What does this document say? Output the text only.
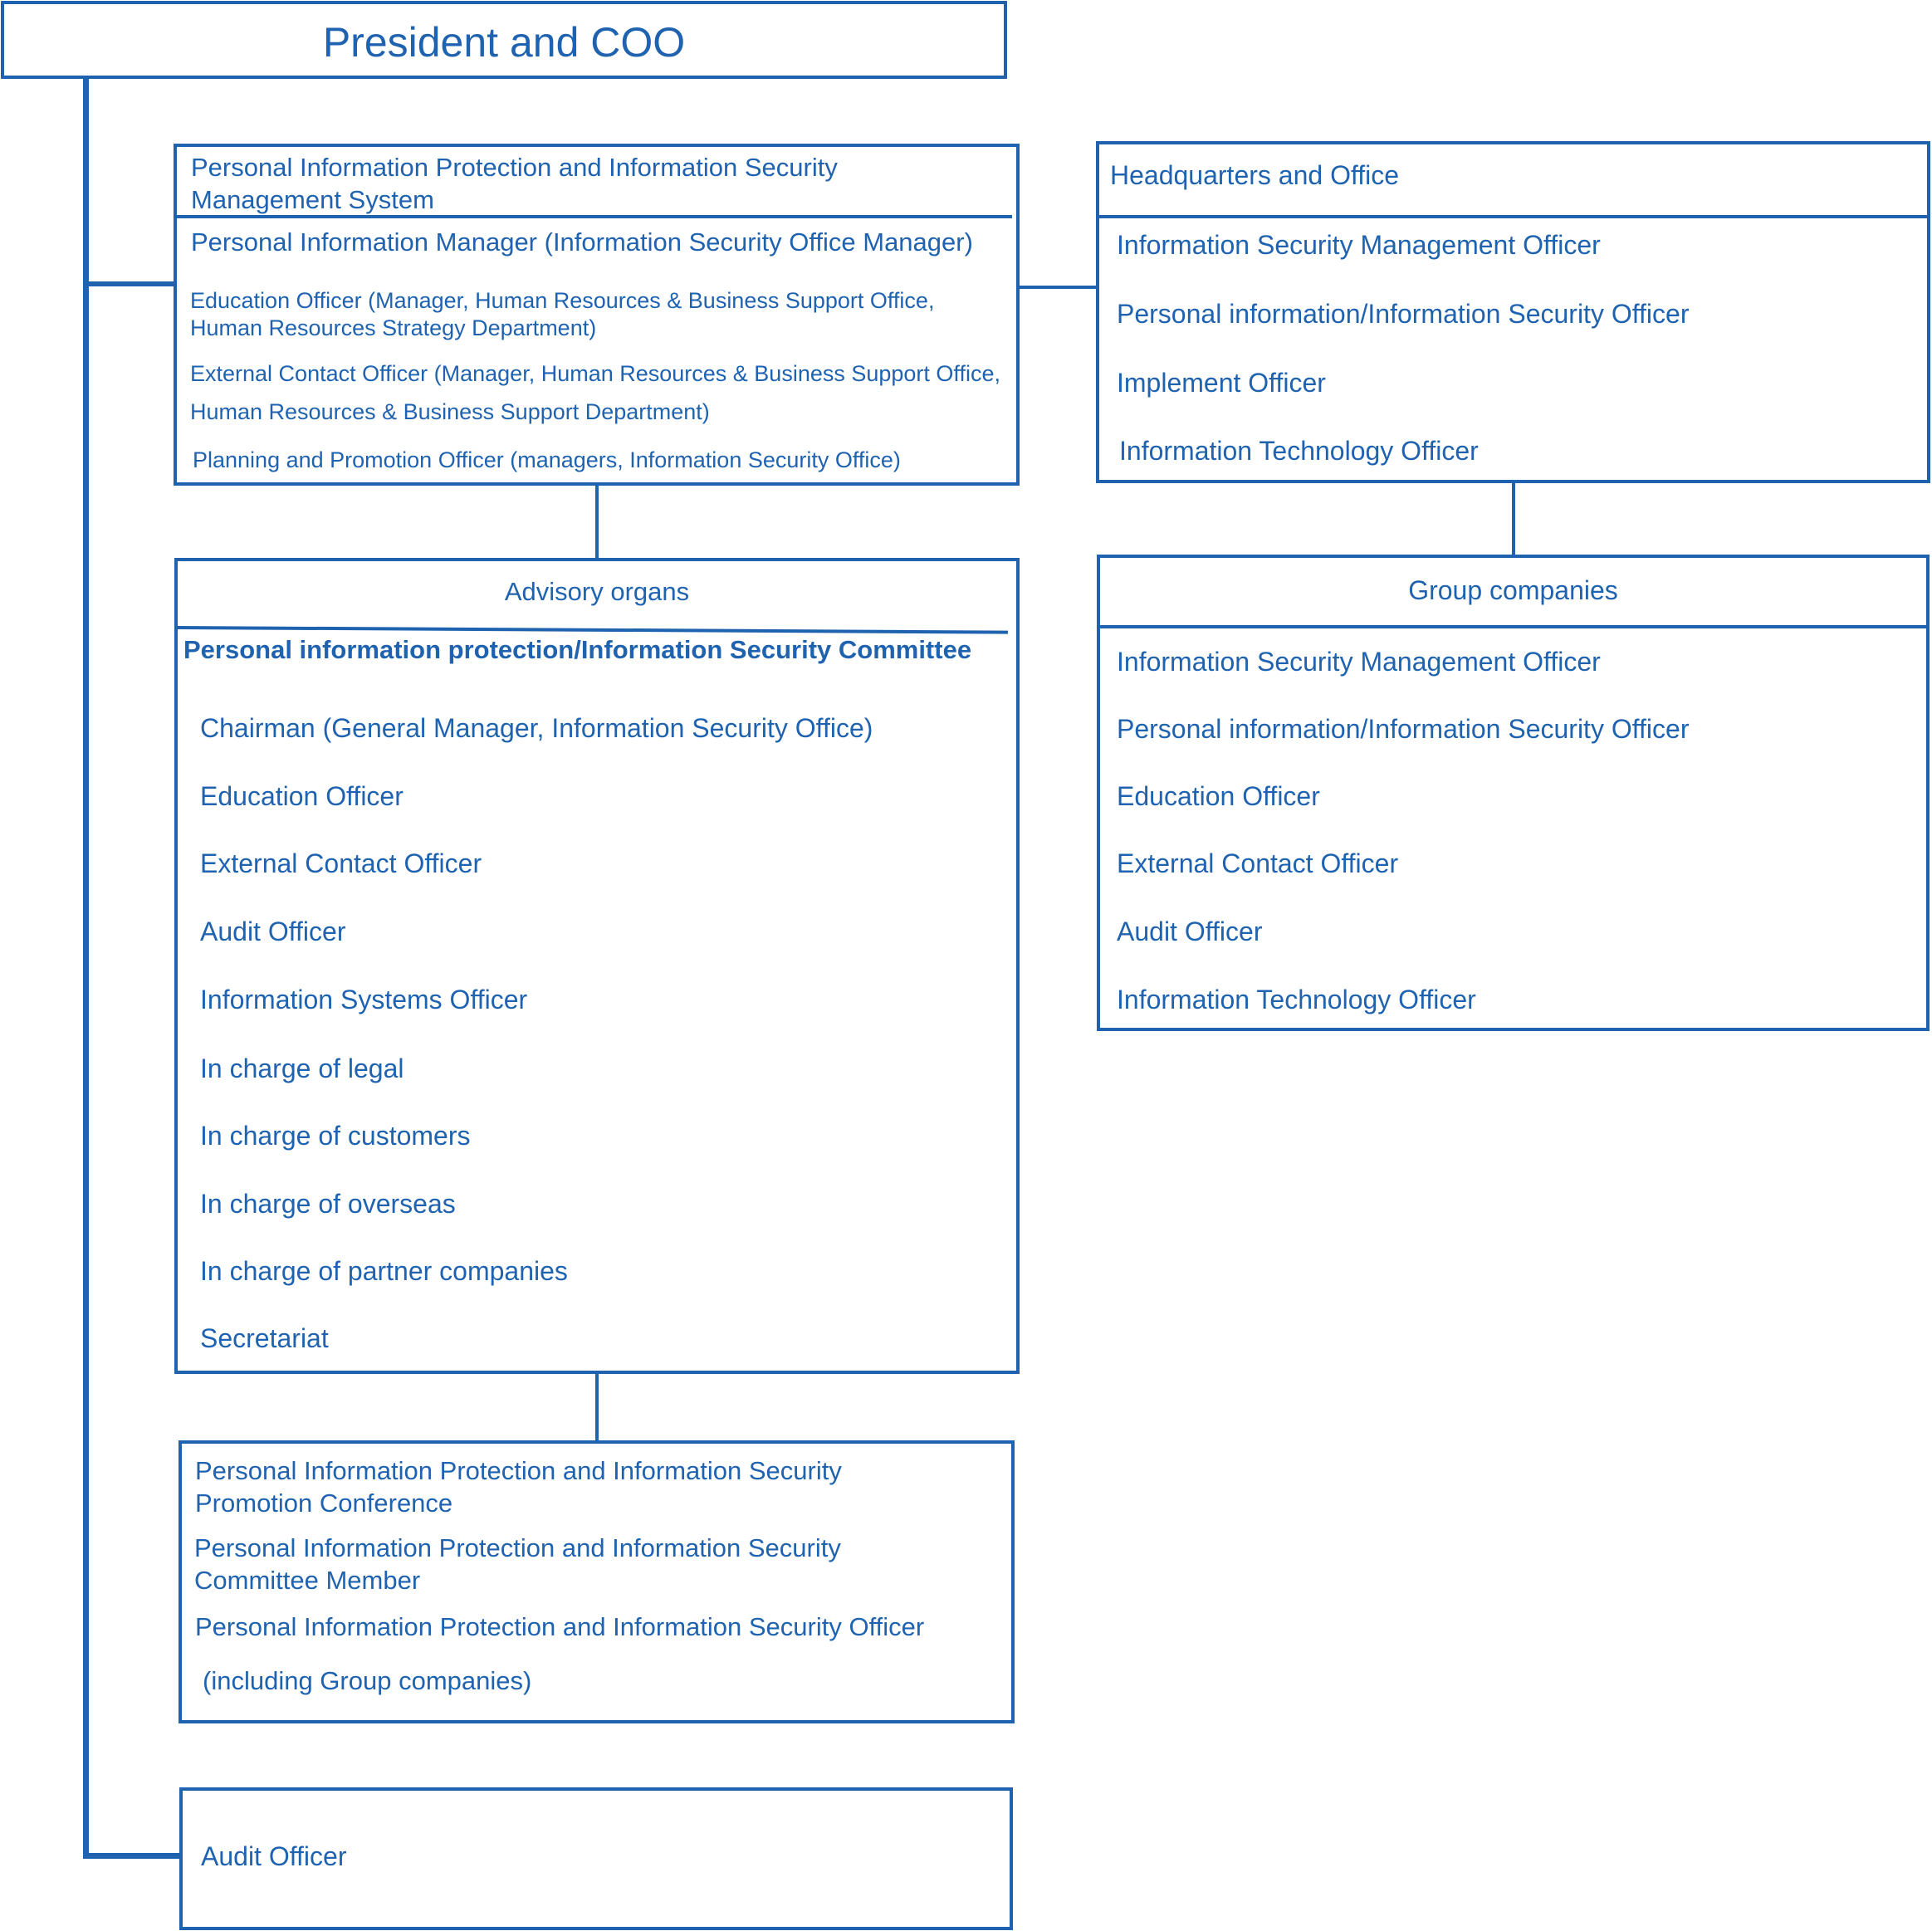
President and COO
Personal Information Protection and Information Security
Management System
Personal Information Manager (Information Security Office Manager)
Education Officer (Manager, Human Resources & Business Support Office,
Human Resources Strategy Department)
External Contact Officer (Manager, Human Resources & Business Support Office,
Human Resources & Business Support Department)
Planning and Promotion Officer (managers, Information Security Office)
Headquarters and Office
Information Security Management Officer
Personal information/Information Security Officer
Implement Officer
Information Technology Officer
Advisory organs
Personal information protection/Information Security Committee
Chairman (General Manager, Information Security Office)
Education Officer
External Contact Officer
Audit Officer
Information Systems Officer
In charge of legal
In charge of customers
In charge of overseas
In charge of partner companies
Secretariat
Group companies
Information Security Management Officer
Personal information/Information Security Officer
Education Officer
External Contact Officer
Audit Officer
Information Technology Officer
Personal Information Protection and Information Security
Promotion Conference
Personal Information Protection and Information Security
Committee Member
Personal Information Protection and Information Security Officer
(including Group companies)
Audit Officer
